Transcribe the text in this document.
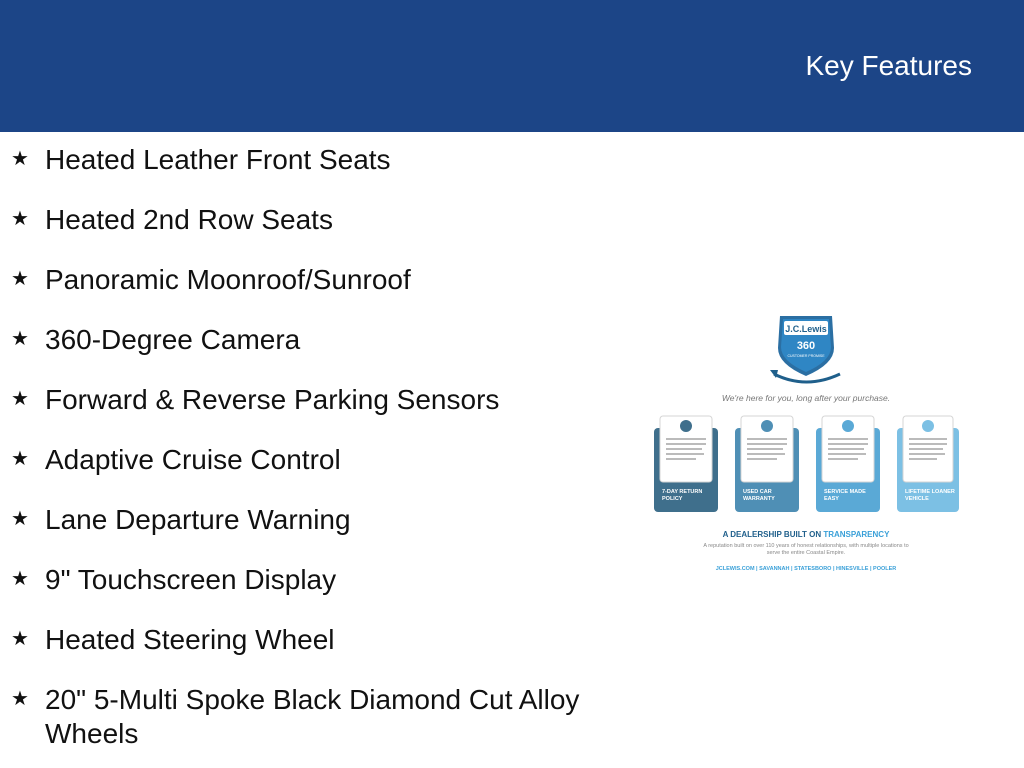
Key Features
★ Heated Leather Front Seats
★ Heated 2nd Row Seats
★ Panoramic Moonroof/Sunroof
★ 360-Degree Camera
★ Forward & Reverse Parking Sensors
★ Adaptive Cruise Control
★ Lane Departure Warning
★ 9" Touchscreen Display
★ Heated Steering Wheel
★ 20" 5-Multi Spoke Black Diamond Cut Alloy Wheels
J.C.Lewis
360
CUSTOMER PROMISE
We're here for you, long after your purchase.
7-DAY RETURN
POLICY
USED CAR
WARRANTY
SERVICE MADE
EASY
LIFETIME LOANER
VEHICLE
A DEALERSHIP BUILT ON TRANSPARENCY
A reputation built on over 110 years of honest relationships, with multiple locations to
serve the entire Coastal Empire.
JCLEWIS.COM | SAVANNAH | STATESBORO | HINESVILLE | POOLER
